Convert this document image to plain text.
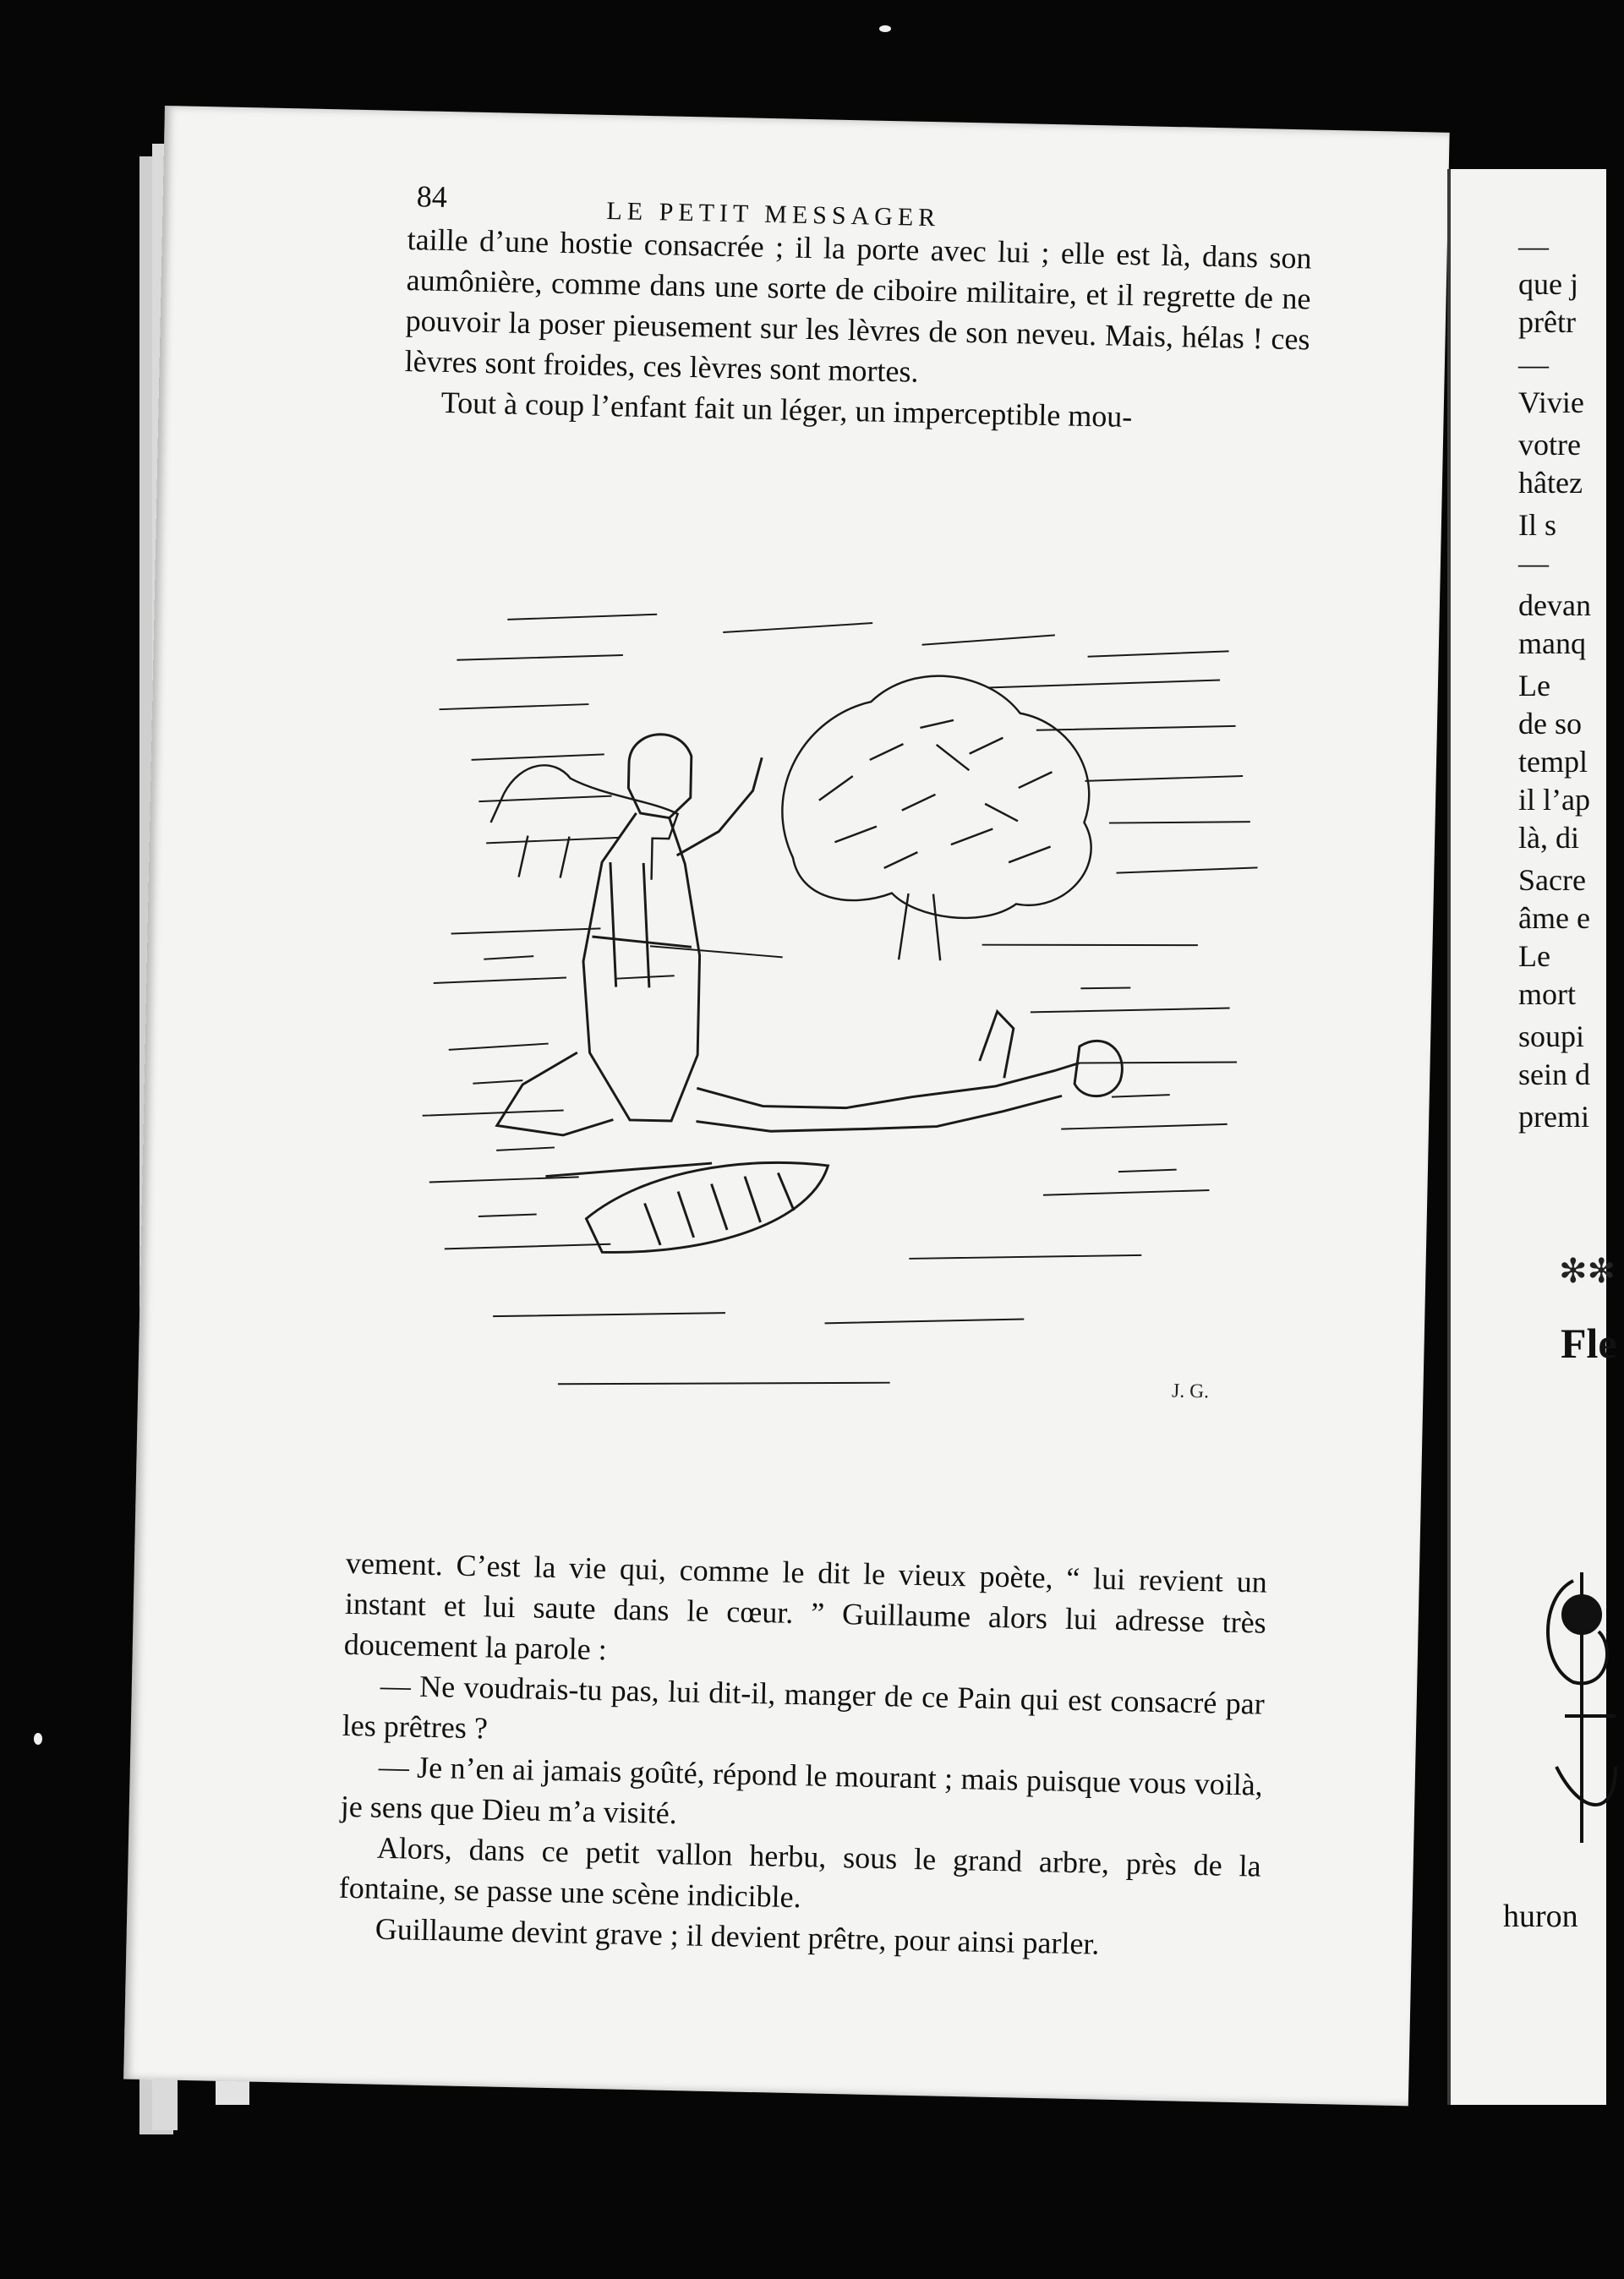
84
LE PETIT MESSAGER

taille d’une hostie consacrée ; il la porte avec lui ; elle est là, dans son aumônière, comme dans une sorte de ciboire militaire, et il regrette de ne pouvoir la poser pieusement sur les lèvres de son neveu. Mais, hélas ! ces lèvres sont froides, ces lèvres sont mortes.

Tout à coup l’enfant fait un léger, un imperceptible mou-

J. G.

vement. C’est la vie qui, comme le dit le vieux poète, “ lui revient un instant et lui saute dans le cœur. ” Guillaume alors lui adresse très doucement la parole :

— Ne voudrais-tu pas, lui dit-il, manger de ce Pain qui est consacré par les prêtres ?

— Je n’en ai jamais goûté, répond le mourant ; mais puisque vous voilà, je sens que Dieu m’a visité.

Alors, dans ce petit vallon herbu, sous le grand arbre, près de la fontaine, se passe une scène indicible.

Guillaume devint grave ; il devient prêtre, pour ainsi parler.

—
que j
prêtr
—
Vivie
votre
hâtez
Il s
—
devan
manq
Le
de so
templ
il l’ap
là, di
Sacre
âme e
Le
mort
soupi
sein d
premi
✻✻
Fle
huron
